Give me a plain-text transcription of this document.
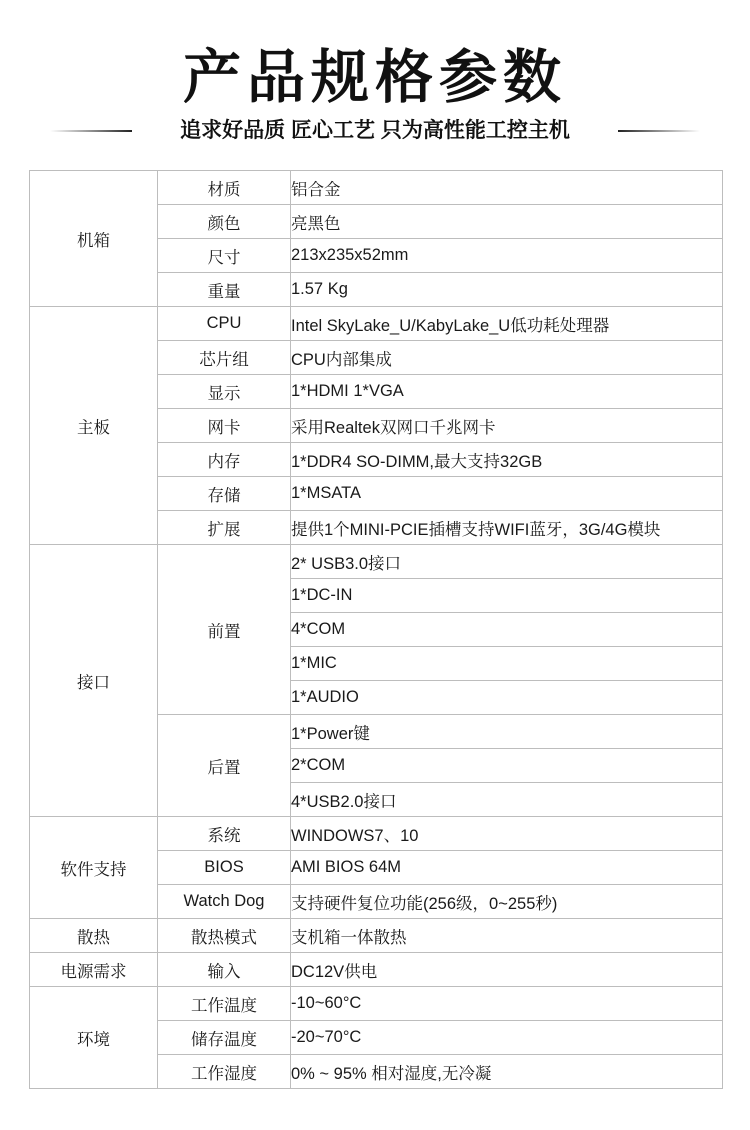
产品规格参数
追求好品质 匠心工艺 只为高性能工控主机
机箱	材质	铝合金
	颜色	亮黑色
	尺寸	213x235x52mm
	重量	1.57 Kg
主板	CPU	Intel SkyLake_U/KabyLake_U低功耗处理器
	芯片组	CPU内部集成
	显示	1*HDMI 1*VGA
	网卡	采用Realtek双网口千兆网卡
	内存	1*DDR4 SO-DIMM,最大支持32GB
	存储	1*MSATA
	扩展	提供1个MINI-PCIE插槽支持WIFI蓝牙，3G/4G模块
接口	前置	2* USB3.0接口
		1*DC-IN
		4*COM
		1*MIC
		1*AUDIO
	后置	1*Power键
		2*COM
		4*USB2.0接口
软件支持	系统	WINDOWS7、10
	BIOS	AMI BIOS 64M
	Watch Dog	支持硬件复位功能(256级，0~255秒)
散热	散热模式	支机箱一体散热
电源需求	输入	DC12V供电
环境	工作温度	-10~60°C
	储存温度	-20~70°C
	工作湿度	0% ~ 95% 相对湿度,无冷凝
